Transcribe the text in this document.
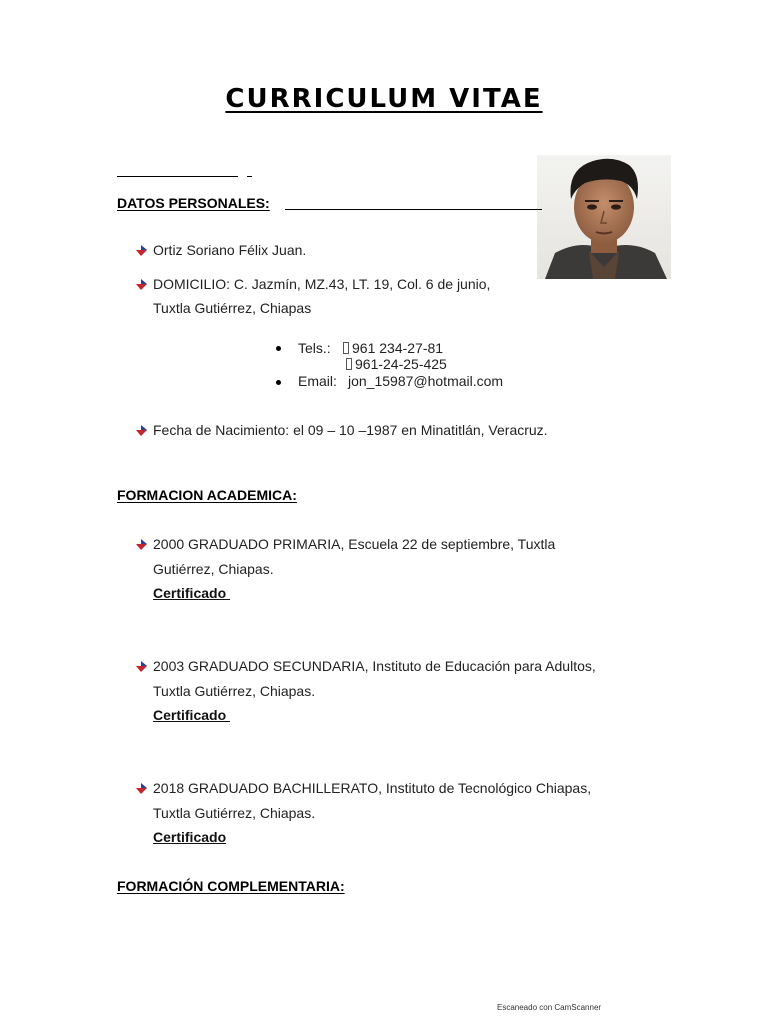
CURRICULUM VITAE
DATOS PERSONALES:
Ortiz Soriano Félix Juan.
DOMICILIO: C. Jazmín, MZ.43, LT. 19, Col. 6 de junio,
Tuxtla Gutiérrez, Chiapas
Tels.:	961 234-27-81
961-24-25-425
Email: jon_15987@hotmail.com
Fecha de Nacimiento: el 09 – 10 –1987 en Minatitlán, Veracruz.
FORMACION ACADEMICA:
2000 GRADUADO PRIMARIA, Escuela 22 de septiembre, Tuxtla
Gutiérrez, Chiapas.
Certificado
2003 GRADUADO SECUNDARIA, Instituto de Educación para Adultos,
Tuxtla Gutiérrez, Chiapas.
Certificado
2018 GRADUADO BACHILLERATO, Instituto de Tecnológico Chiapas,
Tuxtla Gutiérrez, Chiapas.
Certificado
FORMACIÓN COMPLEMENTARIA:
Escaneado con CamScanner
